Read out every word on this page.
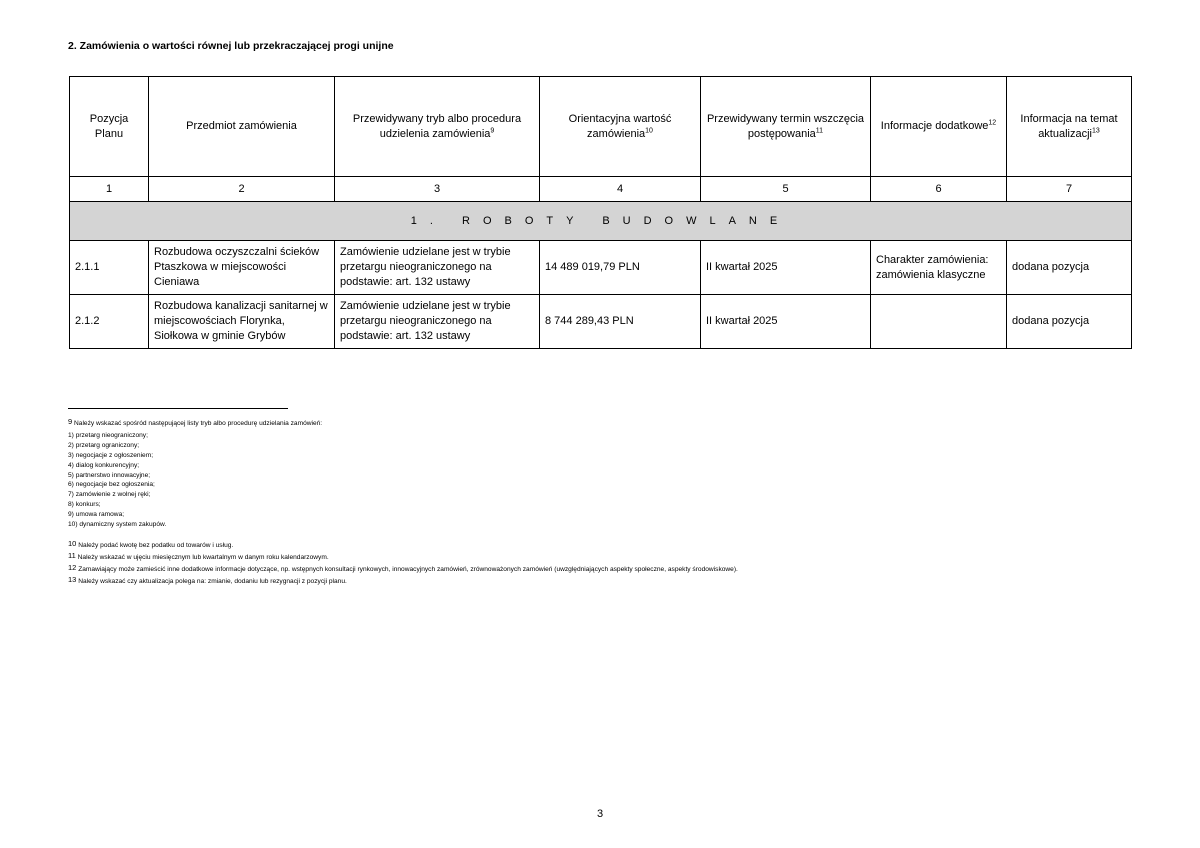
2. Zamówienia o wartości równej lub przekraczającej progi unijne
Pozycja Planu	Przedmiot zamówienia	Przewidywany tryb albo procedura udzielenia zamówienia$^9$	Orientacyjna wartość zamówienia$^{10}$	Przewidywany termin wszczęcia postępowania$^{11}$	Informacje dodatkowe$^{12}$	Informacja na temat aktualizacji$^{13}$
1	2	3	4	5	6	7
1. ROBOTY BUDOWLANE						
2.1.1	Rozbudowa oczyszczalni ścieków Ptaszkowa w miejscowości Cieniawa	Zamówienie udzielane jest w trybie przetargu nieograniczonego na podstawie: art. 132 ustawy	14 489 019,79 PLN	II kwartał 2025	Charakter zamówienia: zamówienia klasyczne	dodana pozycja
2.1.2	Rozbudowa kanalizacji sanitarnej w miejscowościach Florynka, Siołkowa w gminie Grybów	Zamówienie udzielane jest w trybie przetargu nieograniczonego na podstawie: art. 132 ustawy	8 744 289,43 PLN	II kwartał 2025		dodana pozycja

9 Należy wskazać spośród następującej listy tryb albo procedurę udzielania zamówień:

1) przetarg nieograniczony;
2) przetarg ograniczony;
3) negocjacje z ogłoszeniem;
4) dialog konkurencyjny;
5) partnerstwo innowacyjne;
6) negocjacje bez ogłoszenia;
7) zamówienie z wolnej ręki;
8) konkurs;
9) umowa ramowa;
10) dynamiczny system zakupów.

10 Należy podać kwotę bez podatku od towarów i usług.

11 Należy wskazać w ujęciu miesięcznym lub kwartalnym w danym roku kalendarzowym.

12 Zamawiający może zamieścić inne dodatkowe informacje dotyczące, np. wstępnych konsultacji rynkowych, innowacyjnych zamówień, zrównoważonych zamówień (uwzględniających aspekty społeczne, aspekty środowiskowe).

13 Należy wskazać czy aktualizacja polega na: zmianie, dodaniu lub rezygnacji z pozycji planu.

3
